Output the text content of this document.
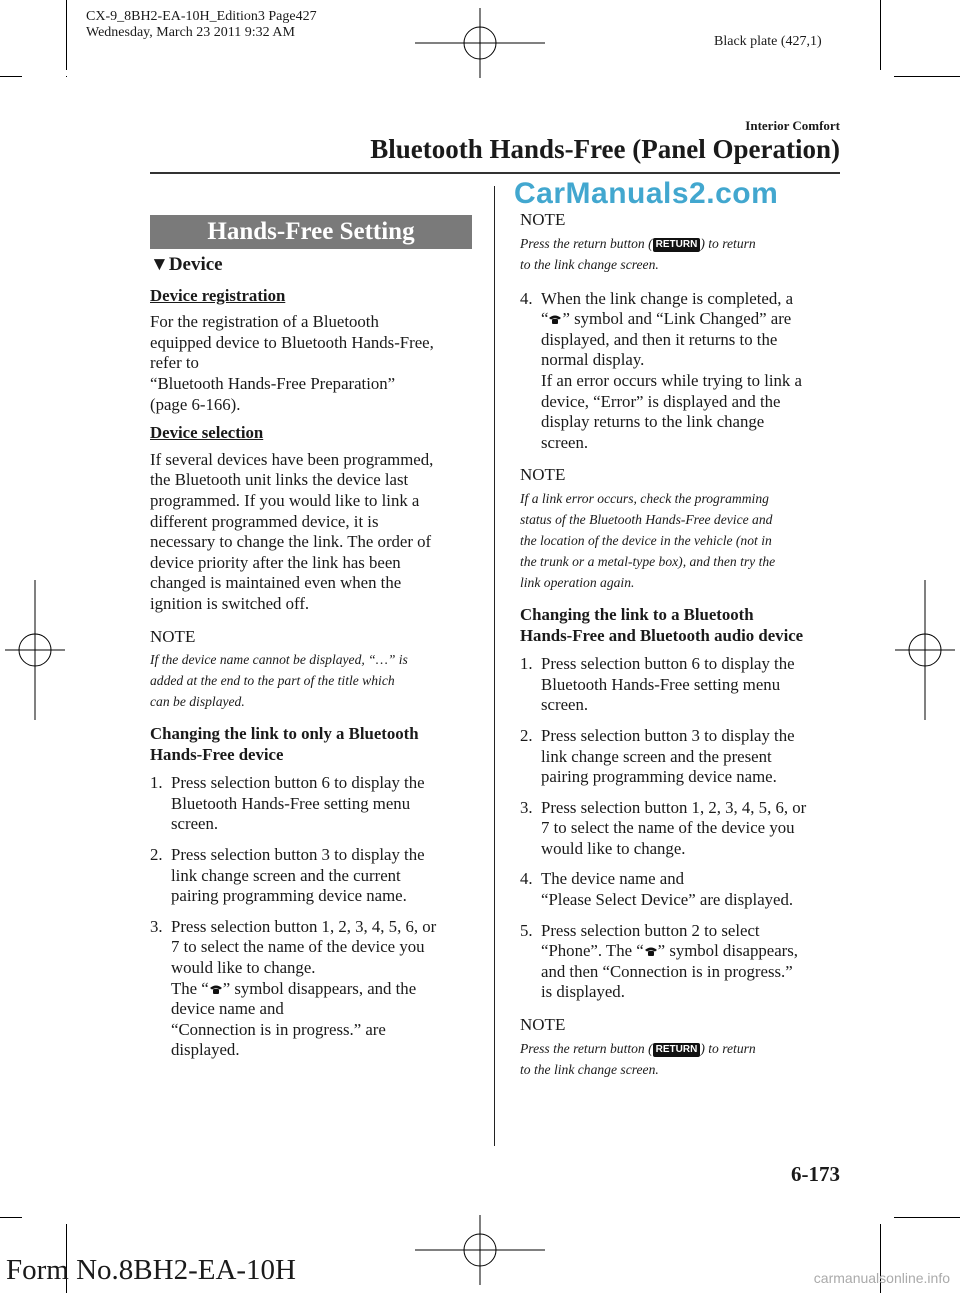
CX-9_8BH2-EA-10H_Edition3 Page427
Wednesday, March 23 2011 9:32 AM
Black plate (427,1)
Interior Comfort
Bluetooth Hands-Free (Panel Operation)
CarManuals2.com
Hands-Free Setting
▼Device
Device registration

For the registration of a Bluetooth
equipped device to Bluetooth Hands-Free,
refer to
“Bluetooth Hands-Free Preparation”
(page 6-166).

Device selection

If several devices have been programmed,
the Bluetooth unit links the device last
programmed. If you would like to link a
different programmed device, it is
necessary to change the link. The order of
device priority after the link has been
changed is maintained even when the
ignition is switched off.

NOTE
If the device name cannot be displayed, “…” is
added at the end to the part of the title which
can be displayed.
Changing the link to only a Bluetooth
Hands-Free device
1. Press selection button 6 to display the
Bluetooth Hands-Free setting menu
screen.
2. Press selection button 3 to display the
link change screen and the current
pairing programming device name.
3. Press selection button 1, 2, 3, 4, 5, 6, or
7 to select the name of the device you
would like to change.
The “ ” symbol disappears, and the
device name and
“Connection is in progress.” are
displayed.
NOTE
Press the return button ( RETURN ) to return
to the link change screen.
4. When the link change is completed, a
“ ” symbol and “Link Changed” are
displayed, and then it returns to the
normal display.
If an error occurs while trying to link a
device, “Error” is displayed and the
display returns to the link change
screen.
NOTE
If a link error occurs, check the programming
status of the Bluetooth Hands-Free device and
the location of the device in the vehicle (not in
the trunk or a metal-type box), and then try the
link operation again.
Changing the link to a Bluetooth
Hands-Free and Bluetooth audio device
1. Press selection button 6 to display the
Bluetooth Hands-Free setting menu
screen.
2. Press selection button 3 to display the
link change screen and the present
pairing programming device name.
3. Press selection button 1, 2, 3, 4, 5, 6, or
7 to select the name of the device you
would like to change.
4. The device name and
“Please Select Device” are displayed.
5. Press selection button 2 to select
“Phone”. The “ ” symbol disappears,
and then “Connection is in progress.”
is displayed.
NOTE
Press the return button ( RETURN ) to return
to the link change screen.
6-173
Form No.8BH2-EA-10H	carmanualsonline.info
